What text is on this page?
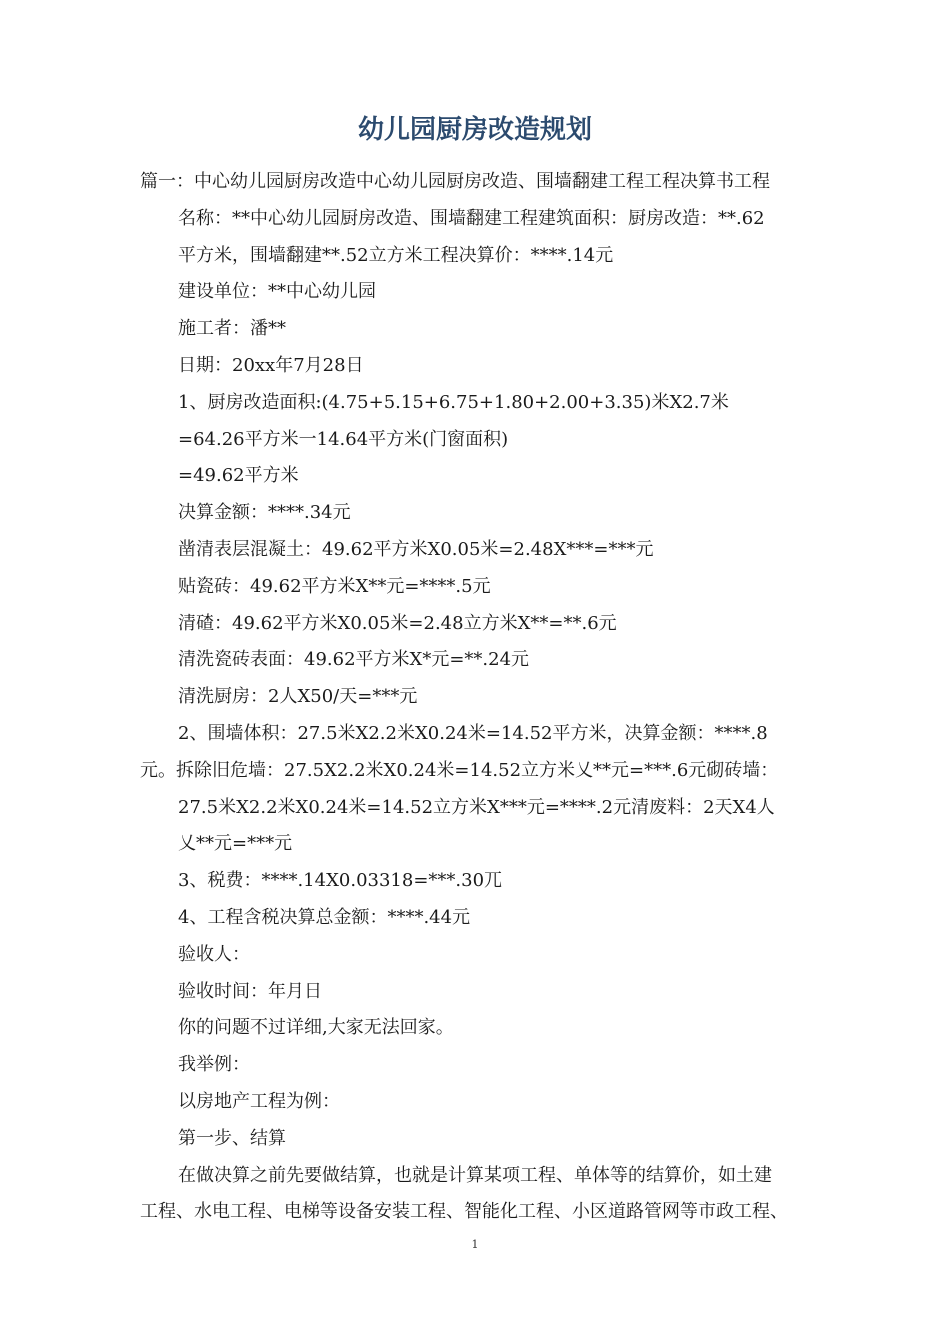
幼儿园厨房改造规划

篇一：中心幼儿园厨房改造中心幼儿园厨房改造、围墙翻建工程工程决算书工程

名称：**中心幼儿园厨房改造、围墙翻建工程建筑面积：厨房改造：**.62

平方米，围墙翻建**.52立方米工程决算价：****.14元

建设单位：**中心幼儿园

施工者：潘**

日期：20xx年7月28日

1、厨房改造面积:(4.75+5.15+6.75+1.80+2.00+3.35)米X2.7米

=64.26平方米一14.64平方米(门窗面积)

=49.62平方米

决算金额：****.34元

凿清表层混凝土：49.62平方米X0.05米=2.48X***=***元

贴瓷砖：49.62平方米X**元=****.5元

清碴：49.62平方米X0.05米=2.48立方米X**=**.6元

清洗瓷砖表面：49.62平方米X*元=**.24元

清洗厨房：2人X50/天=***元

2、围墙体积：27.5米X2.2米X0.24米=14.52平方米，决算金额：****.8

元。拆除旧危墙：27.5X2.2米X0.24米=14.52立方米乂**元=***.6元砌砖墙：

27.5米X2.2米X0.24米=14.52立方米X***元=****.2元清废料：2天X4人

乂**元=***元

3、税费：****.14X0.03318=***.30兀

4、工程含税决算总金额：****.44元

验收人：

验收时间：年月日

你的问题不过详细,大家无法回家。

我举例：

以房地产工程为例：

第一步、结算

在做决算之前先要做结算，也就是计算某项工程、单体等的结算价，如土建

工程、水电工程、电梯等设备安装工程、智能化工程、小区道路管网等市政工程、

1
